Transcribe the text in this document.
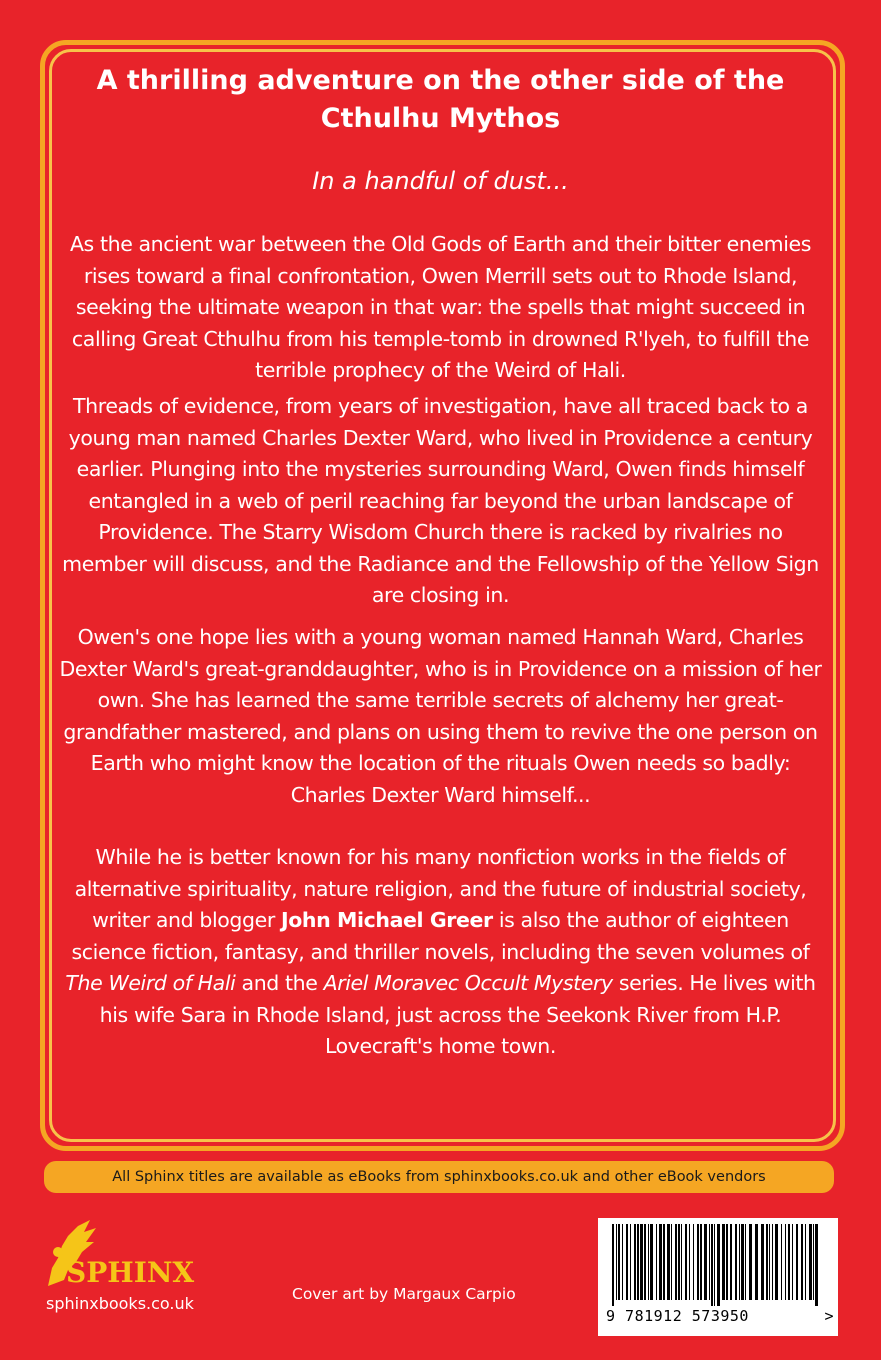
A thrilling adventure on the other side of the Cthulhu Mythos
In a handful of dust...
As the ancient war between the Old Gods of Earth and their bitter enemies rises toward a final confrontation, Owen Merrill sets out to Rhode Island, seeking the ultimate weapon in that war: the spells that might succeed in calling Great Cthulhu from his temple-tomb in drowned R'lyeh, to fulfill the terrible prophecy of the Weird of Hali.
Threads of evidence, from years of investigation, have all traced back to a young man named Charles Dexter Ward, who lived in Providence a century earlier. Plunging into the mysteries surrounding Ward, Owen finds himself entangled in a web of peril reaching far beyond the urban landscape of Providence. The Starry Wisdom Church there is racked by rivalries no member will discuss, and the Radiance and the Fellowship of the Yellow Sign are closing in.
Owen's one hope lies with a young woman named Hannah Ward, Charles Dexter Ward's great-granddaughter, who is in Providence on a mission of her own. She has learned the same terrible secrets of alchemy her great-grandfather mastered, and plans on using them to revive the one person on Earth who might know the location of the rituals Owen needs so badly: Charles Dexter Ward himself...
While he is better known for his many nonfiction works in the fields of alternative spirituality, nature religion, and the future of industrial society, writer and blogger John Michael Greer is also the author of eighteen science fiction, fantasy, and thriller novels, including the seven volumes of The Weird of Hali and the Ariel Moravec Occult Mystery series. He lives with his wife Sara in Rhode Island, just across the Seekonk River from H.P. Lovecraft's home town.
All Sphinx titles are available as eBooks from sphinxbooks.co.uk and other eBook vendors
SPHINX
sphinxbooks.co.uk	Cover art by Margaux Carpio
9 781912 573950	>
